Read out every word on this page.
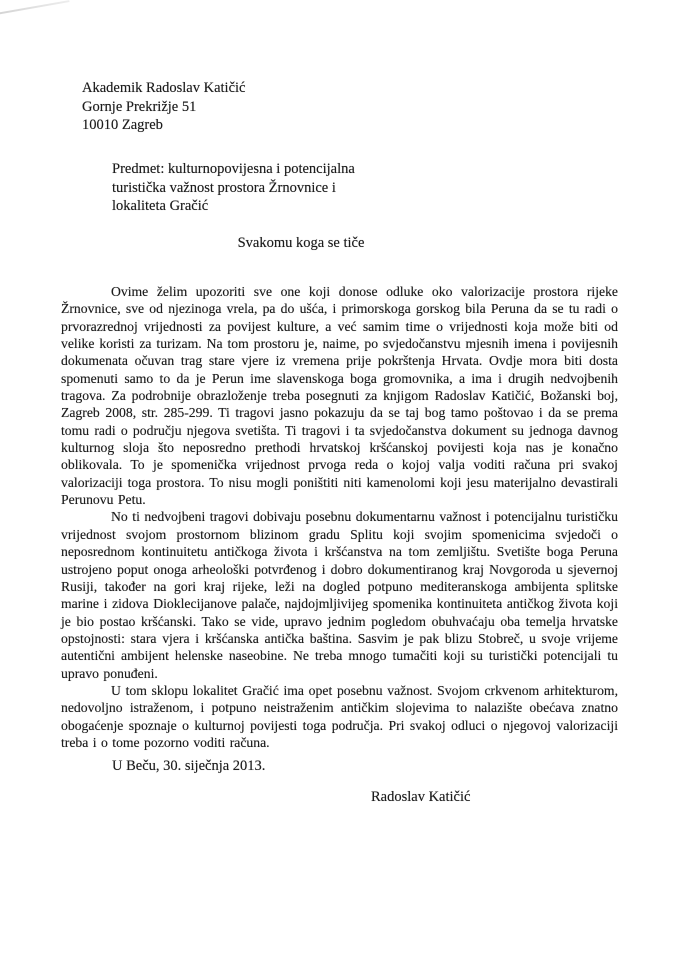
Akademik Radoslav Katičić
Gornje Prekrižje 51
10010 Zagreb
Predmet: kulturnopovijesna i potencijalna
turistička važnost prostora Žrnovnice i
lokaliteta Gračić
Svakomu koga se tiče

Ovime želim upozoriti sve one koji donose odluke oko valorizacije prostora rijeke Žrnovnice, sve od njezinoga vrela, pa do ušća, i primorskoga gorskog bila Peruna da se tu radi o prvorazrednoj vrijednosti za povijest kulture, a već samim time o vrijednosti koja može biti od velike koristi za turizam. Na tom prostoru je, naime, po svjedočanstvu mjesnih imena i povijesnih dokumenata očuvan trag stare vjere iz vremena prije pokrštenja Hrvata. Ovdje mora biti dosta spomenuti samo to da je Perun ime slavenskoga boga gromovnika, a ima i drugih nedvojbenih tragova. Za podrobnije obrazloženje treba posegnuti za knjigom Radoslav Katičić, Božanski boj, Zagreb 2008, str. 285-299. Ti tragovi jasno pokazuju da se taj bog tamo poštovao i da se prema tomu radi o području njegova svetišta. Ti tragovi i ta svjedočanstva dokument su jednoga davnog kulturnog sloja što neposredno prethodi hrvatskoj kršćanskoj povijesti koja nas je konačno oblikovala. To je spomenička vrijednost prvoga reda o kojoj valja voditi računa pri svakoj valorizaciji toga prostora. To nisu mogli poništiti niti kamenolomi koji jesu materijalno devastirali Perunovu Petu.

No ti nedvojbeni tragovi dobivaju posebnu dokumentarnu važnost i potencijalnu turističku vrijednost svojom prostornom blizinom gradu Splitu koji svojim spomenicima svjedoči o neposrednom kontinuitetu antičkoga života i kršćanstva na tom zemljištu. Svetište boga Peruna ustrojeno poput onoga arheološki potvrđenog i dobro dokumentiranog kraj Novgoroda u sjevernoj Rusiji, također na gori kraj rijeke, leži na dogled potpuno mediteranskoga ambijenta splitske marine i zidova Dioklecijanove palače, najdojmljivijeg spomenika kontinuiteta antičkog života koji je bio postao kršćanski. Tako se vide, upravo jednim pogledom obuhvaćaju oba temelja hrvatske opstojnosti: stara vjera i kršćanska antička baština. Sasvim je pak blizu Stobreč, u svoje vrijeme autentični ambijent helenske naseobine. Ne treba mnogo tumačiti koji su turistički potencijali tu upravo ponuđeni.

U tom sklopu lokalitet Gračić ima opet posebnu važnost. Svojom crkvenom arhitekturom, nedovoljno istraženom, i potpuno neistraženim antičkim slojevima to nalazište obećava znatno obogaćenje spoznaje o kulturnoj povijesti toga područja. Pri svakoj odluci o njegovoj valorizaciji treba i o tome pozorno voditi računa.

U Beču, 30. siječnja 2013.
Radoslav Katičić
